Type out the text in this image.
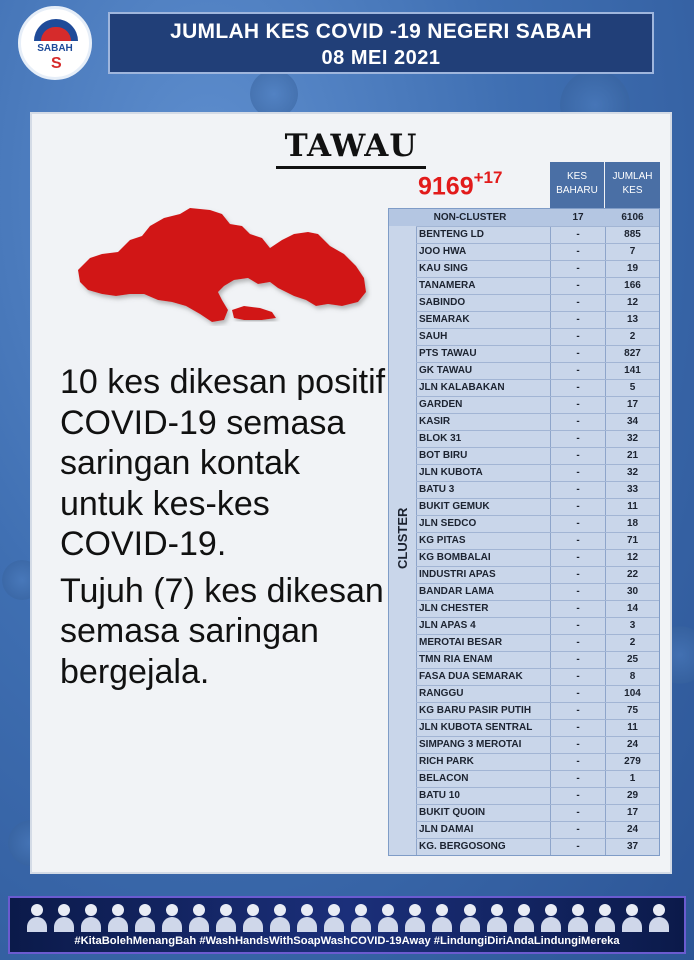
SABAH
S
JUMLAH KES COVID -19 NEGERI SABAH
08 MEI 2021
TAWAU
$9169^{+17}$

10 kes dikesan positif COVID-19 semasa saringan kontak untuk kes-kes COVID-19.

Tujuh (7) kes dikesan semasa saringan bergejala.

KES BAHARU
JUMLAH KES
CLUSTER
NON-CLUSTER	17	6106
BENTENG LD	-	885
JOO HWA	-	7
KAU SING	-	19
TANAMERA	-	166
SABINDO	-	12
SEMARAK	-	13
SAUH	-	2
PTS TAWAU	-	827
GK TAWAU	-	141
JLN KALABAKAN	-	5
GARDEN	-	17
KASIR	-	34
BLOK 31	-	32
BOT BIRU	-	21
JLN KUBOTA	-	32
BATU 3	-	33
BUKIT GEMUK	-	11
JLN SEDCO	-	18
KG PITAS	-	71
KG BOMBALAI	-	12
INDUSTRI APAS	-	22
BANDAR LAMA	-	30
JLN CHESTER	-	14
JLN APAS 4	-	3
MEROTAI BESAR	-	2
TMN RIA ENAM	-	25
FASA DUA SEMARAK	-	8
RANGGU	-	104
KG BARU PASIR PUTIH	-	75
JLN KUBOTA SENTRAL	-	11
SIMPANG 3 MEROTAI	-	24
RICH PARK	-	279
BELACON	-	1
BATU 10	-	29
BUKIT QUOIN	-	17
JLN DAMAI	-	24
KG. BERGOSONG	-	37
#KitaBolehMenangBah #WashHandsWithSoapWashCOVID-19Away #LindungiDiriAndaLindungiMereka
